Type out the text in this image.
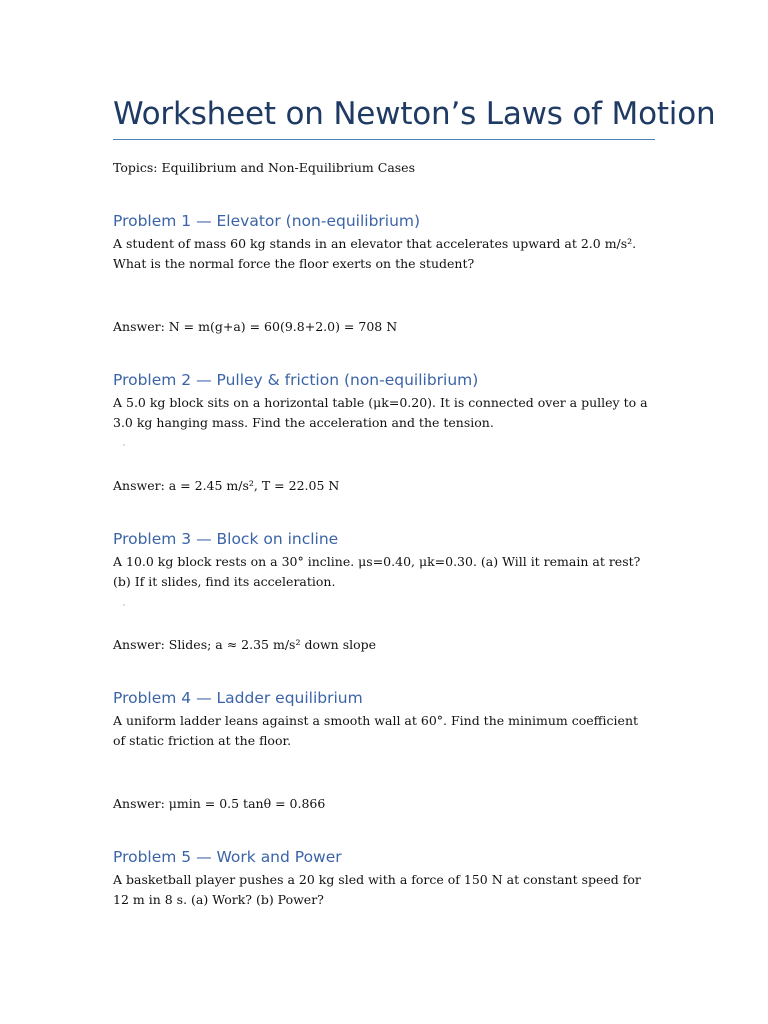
Worksheet on Newton’s Laws of Motion
Topics: Equilibrium and Non-Equilibrium Cases
Problem 1 — Elevator (non-equilibrium)
A student of mass 60 kg stands in an elevator that accelerates upward at 2.0 m/s². What is the normal force the floor exerts on the student?
Answer: N = m(g+a) = 60(9.8+2.0) = 708 N
Problem 2 — Pulley & friction (non-equilibrium)
A 5.0 kg block sits on a horizontal table (μk=0.20). It is connected over a pulley to a 3.0 kg hanging mass. Find the acceleration and the tension.
Answer: a = 2.45 m/s², T = 22.05 N
Problem 3 — Block on incline
A 10.0 kg block rests on a 30° incline. μs=0.40, μk=0.30. (a) Will it remain at rest? (b) If it slides, find its acceleration.
Answer: Slides; a ≈ 2.35 m/s² down slope
Problem 4 — Ladder equilibrium
A uniform ladder leans against a smooth wall at 60°. Find the minimum coefficient of static friction at the floor.
Answer: μmin = 0.5 tanθ = 0.866
Problem 5 — Work and Power
A basketball player pushes a 20 kg sled with a force of 150 N at constant speed for 12 m in 8 s. (a) Work? (b) Power?
